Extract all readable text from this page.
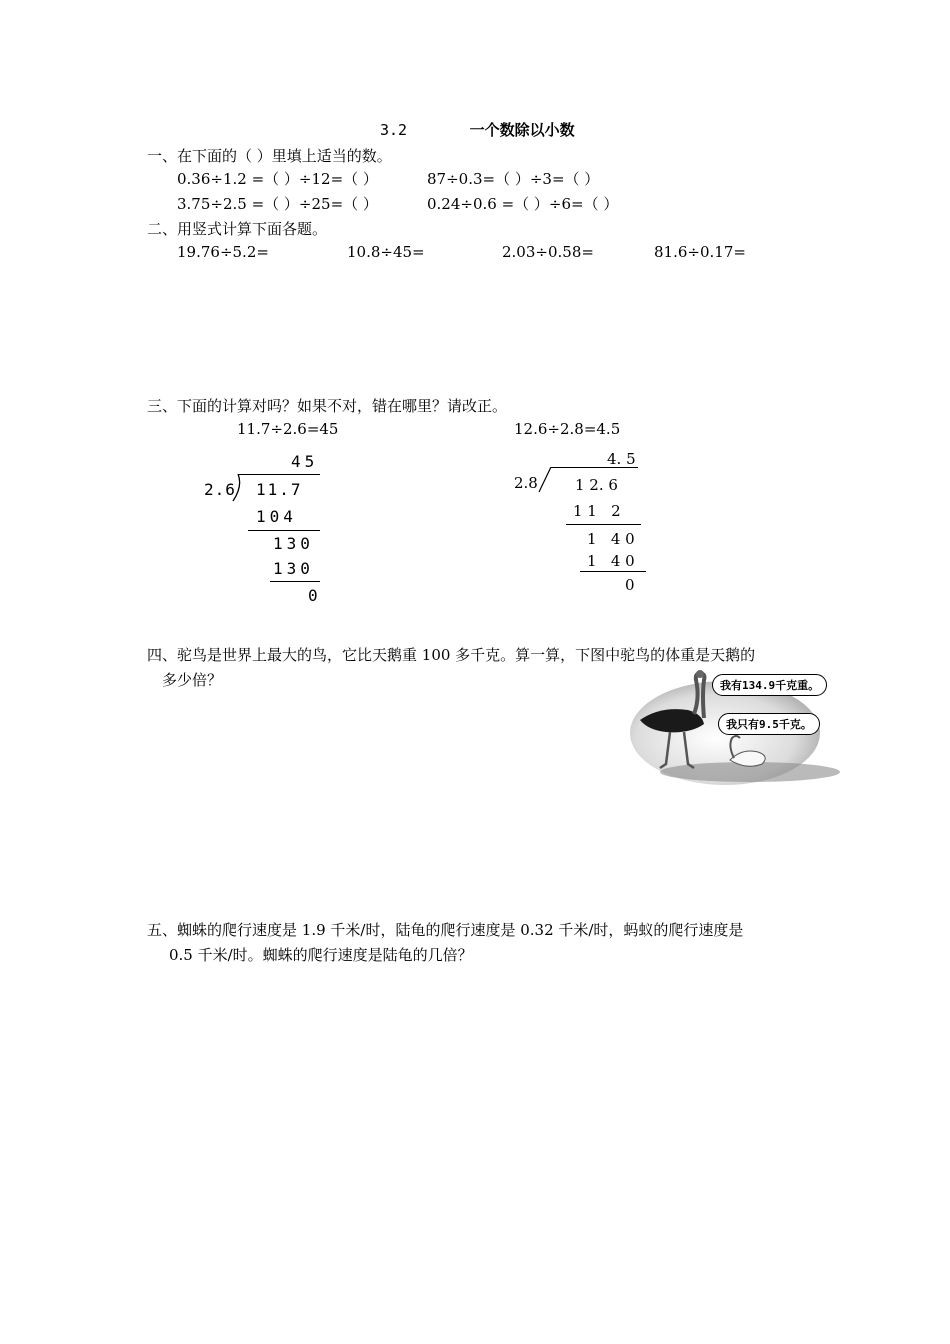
3.2	一个数除以小数
一、在下面的（ ）里填上适当的数。
0.36÷1.2 =（ ）÷12=（ ）	87÷0.3=（ ）÷3=（ ）
3.75÷2.5 =（ ）÷25=（ ）	0.24÷0.6 =（ ）÷6=（ ）
二、用竖式计算下面各题。
19.76÷5.2=	10.8÷45=	2.03÷0.58=	81.6÷0.17=
三、下面的计算对吗？如果不对，错在哪里？请改正。
11.7÷2.6=45	12.6÷2.8=4.5
45
2.6 11.7
104
130
130
0
4. 5
2.8 1 2. 6
1 1   2
1   4 0
1   4 0
0
四、驼鸟是世界上最大的鸟，它比天鹅重 100 多千克。算一算，下图中驼鸟的体重是天鹅的
多少倍？	我有134.9千克重。
我只有9.5千克。
五、蜘蛛的爬行速度是 1.9 千米/时，陆龟的爬行速度是 0.32 千米/时，蚂蚁的爬行速度是
0.5 千米/时。蜘蛛的爬行速度是陆龟的几倍？
